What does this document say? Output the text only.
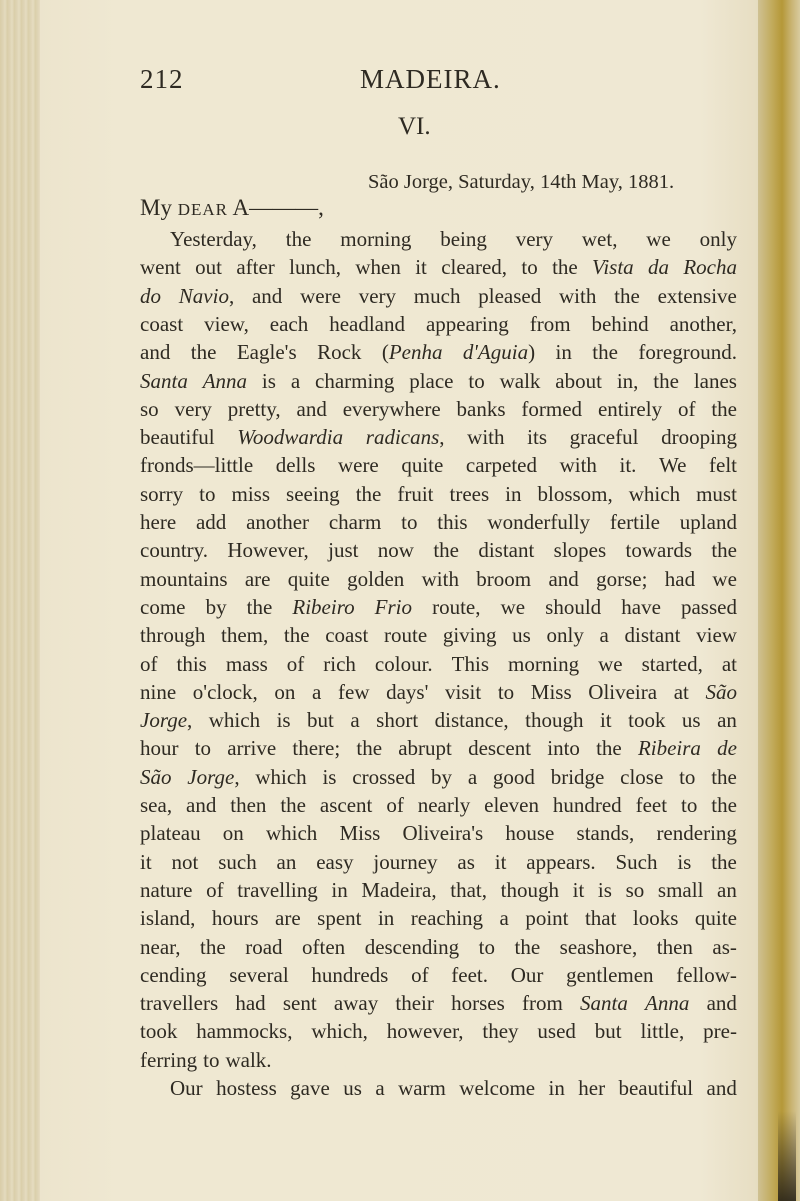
212	MADEIRA.
VI.
São Jorge, Saturday, 14th May, 1881.
My DEAR A———,
Yesterday, the morning being very wet, we only
went out after lunch, when it cleared, to the Vista da Rocha
do Navio, and were very much pleased with the extensive
coast view, each headland appearing from behind another,
and the Eagle's Rock (Penha d'Aguia) in the foreground.
Santa Anna is a charming place to walk about in, the lanes
so very pretty, and everywhere banks formed entirely of the
beautiful Woodwardia radicans, with its graceful drooping
fronds—little dells were quite carpeted with it. We felt
sorry to miss seeing the fruit trees in blossom, which must
here add another charm to this wonderfully fertile upland
country. However, just now the distant slopes towards the
mountains are quite golden with broom and gorse; had we
come by the Ribeiro Frio route, we should have passed
through them, the coast route giving us only a distant view
of this mass of rich colour. This morning we started, at
nine o'clock, on a few days' visit to Miss Oliveira at São
Jorge, which is but a short distance, though it took us an
hour to arrive there; the abrupt descent into the Ribeira de
São Jorge, which is crossed by a good bridge close to the
sea, and then the ascent of nearly eleven hundred feet to the
plateau on which Miss Oliveira's house stands, rendering
it not such an easy journey as it appears. Such is the
nature of travelling in Madeira, that, though it is so small an
island, hours are spent in reaching a point that looks quite
near, the road often descending to the seashore, then as-
cending several hundreds of feet. Our gentlemen fellow-
travellers had sent away their horses from Santa Anna and
took hammocks, which, however, they used but little, pre-
ferring to walk.
Our hostess gave us a warm welcome in her beautiful and
